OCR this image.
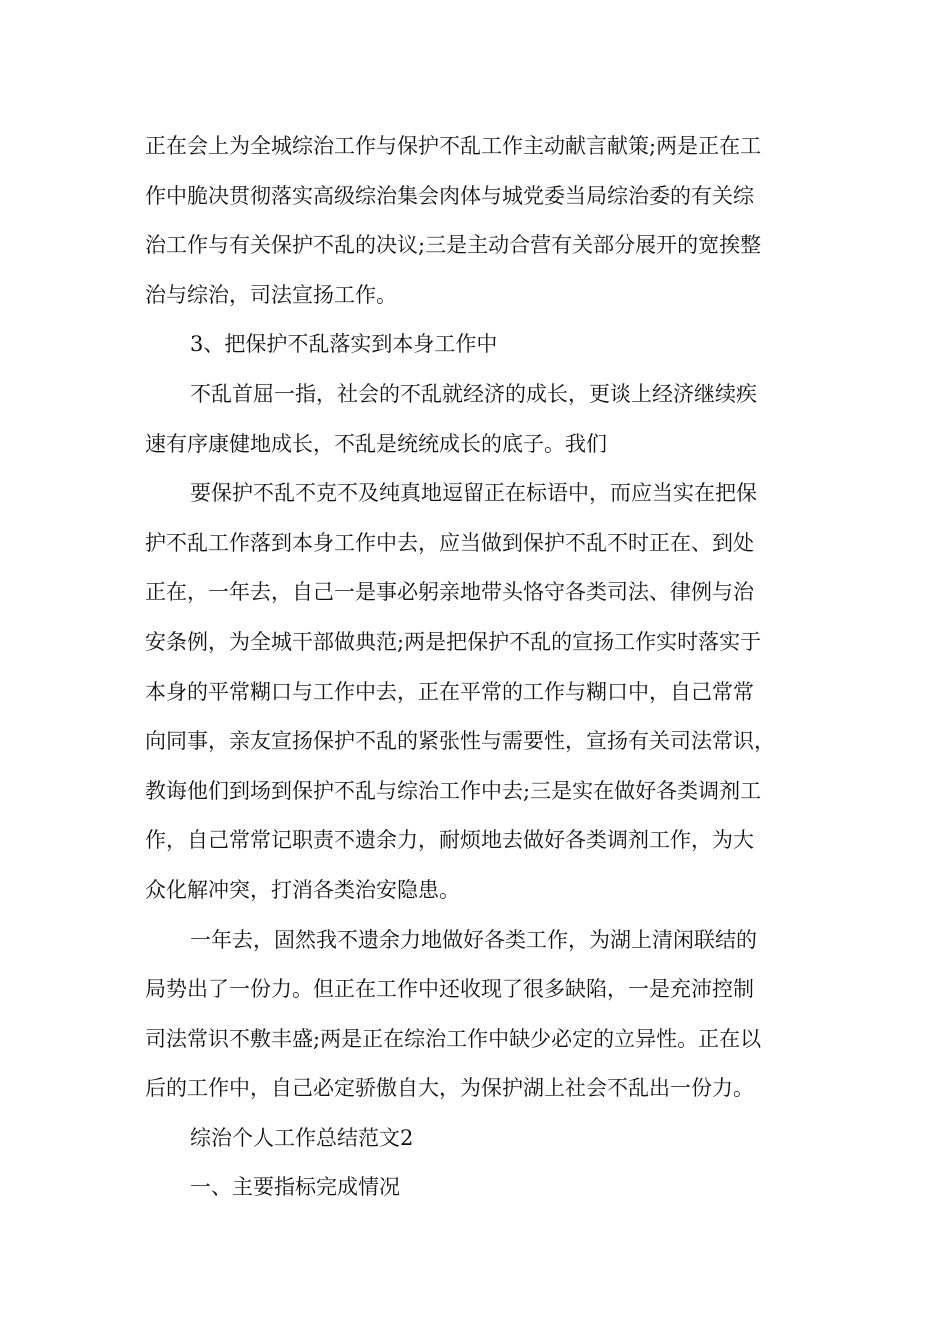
正在会上为全城综治工作与保护不乱工作主动献言献策;两是正在工
作中脆决贯彻落实高级综治集会肉体与城党委当局综治委的有关综
治工作与有关保护不乱的决议;三是主动合营有关部分展开的宽挨整
治与综治，司法宣扬工作。
3、把保护不乱落实到本身工作中
不乱首屈一指，社会的不乱就经济的成长，更谈上经济继续疾
速有序康健地成长，不乱是统统成长的底子。我们
要保护不乱不克不及纯真地逗留正在标语中，而应当实在把保
护不乱工作落到本身工作中去，应当做到保护不乱不时正在、到处
正在，一年去，自己一是事必躬亲地带头恪守各类司法、律例与治
安条例，为全城干部做典范;两是把保护不乱的宣扬工作实时落实于
本身的平常糊口与工作中去，正在平常的工作与糊口中，自己常常
向同事，亲友宣扬保护不乱的紧张性与需要性，宣扬有关司法常识，
教诲他们到场到保护不乱与综治工作中去;三是实在做好各类调剂工
作，自己常常记职责不遗余力，耐烦地去做好各类调剂工作，为大
众化解冲突，打消各类治安隐患。
一年去，固然我不遗余力地做好各类工作，为湖上清闲联结的
局势出了一份力。但正在工作中还收现了很多缺陷，一是充沛控制
司法常识不敷丰盛;两是正在综治工作中缺少必定的立异性。正在以
后的工作中，自己必定骄傲自大，为保护湖上社会不乱出一份力。
综治个人工作总结范文2
一、主要指标完成情况
